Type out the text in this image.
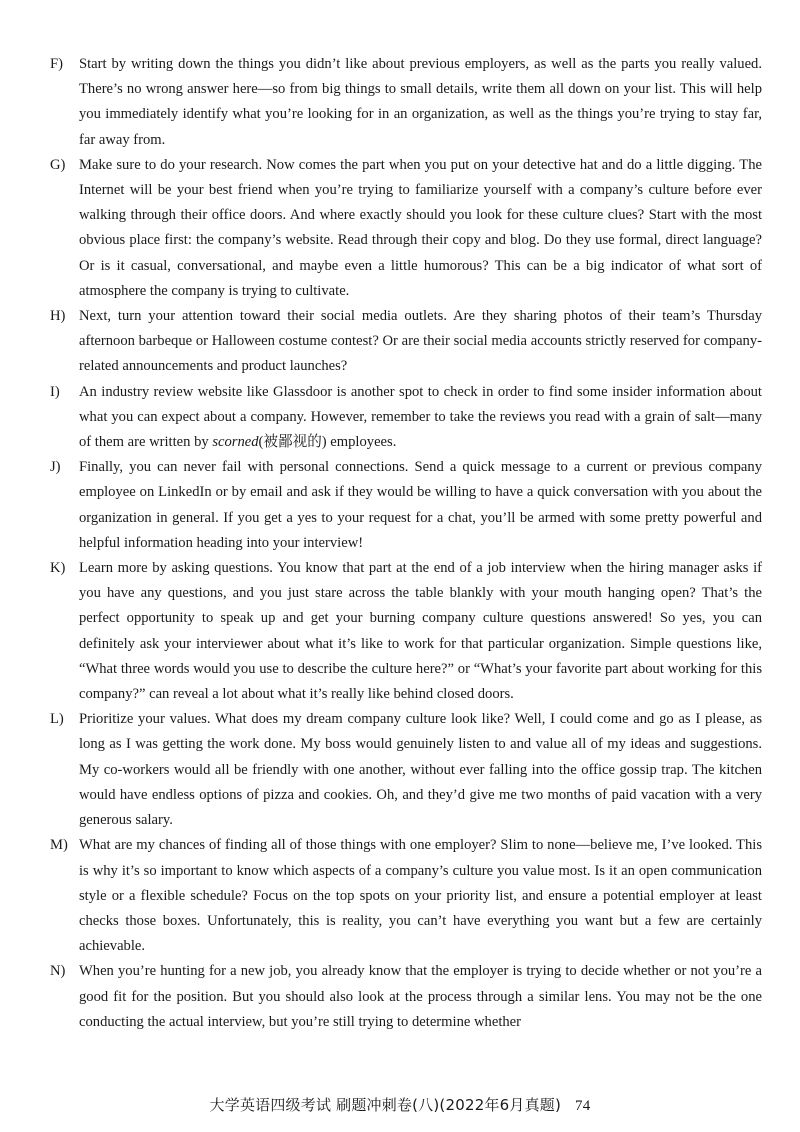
F)	Start by writing down the things you didn’t like about previous employers, as well as the parts you really valued. There’s no wrong answer here—so from big things to small details, write them all down on your list. This will help you immediately identify what you’re looking for in an organization, as well as the things you’re trying to stay far, far away from.
G) Make sure to do your research. Now comes the part when you put on your detective hat and do a little digging. The Internet will be your best friend when you’re trying to familiarize yourself with a company’s culture before ever walking through their office doors. And where exactly should you look for these culture clues? Start with the most obvious place first: the company’s website. Read through their copy and blog. Do they use formal, direct language? Or is it casual, conversational, and maybe even a little humorous? This can be a big indicator of what sort of atmosphere the company is trying to cultivate.
H) Next, turn your attention toward their social media outlets. Are they sharing photos of their team’s Thursday afternoon barbeque or Halloween costume contest? Or are their social media accounts strictly reserved for company-related announcements and product launches?
I)	An industry review website like Glassdoor is another spot to check in order to find some insider information about what you can expect about a company. However, remember to take the reviews you read with a grain of salt—many of them are written by scorned(被鄙视的) employees.
J)	Finally, you can never fail with personal connections. Send a quick message to a current or previous company employee on LinkedIn or by email and ask if they would be willing to have a quick conversation with you about the organization in general. If you get a yes to your request for a chat, you’ll be armed with some pretty powerful and helpful information heading into your interview!
K) Learn more by asking questions. You know that part at the end of a job interview when the hiring manager asks if you have any questions, and you just stare across the table blankly with your mouth hanging open? That’s the perfect opportunity to speak up and get your burning company culture questions answered! So yes, you can definitely ask your interviewer about what it’s like to work for that particular organization. Simple questions like, “What three words would you use to describe the culture here?” or “What’s your favorite part about working for this company?” can reveal a lot about what it’s really like behind closed doors.
L)	Prioritize your values. What does my dream company culture look like? Well, I could come and go as I please, as long as I was getting the work done. My boss would genuinely listen to and value all of my ideas and suggestions. My co-workers would all be friendly with one another, without ever falling into the office gossip trap. The kitchen would have endless options of pizza and cookies. Oh, and they’d give me two months of paid vacation with a very generous salary.
M) What are my chances of finding all of those things with one employer? Slim to none—believe me, I’ve looked. This is why it’s so important to know which aspects of a company’s culture you value most. Is it an open communication style or a flexible schedule? Focus on the top spots on your priority list, and ensure a potential employer at least checks those boxes. Unfortunately, this is reality, you can’t have everything you want but a few are certainly achievable.
N) When you’re hunting for a new job, you already know that the employer is trying to decide whether or not you’re a good fit for the position. But you should also look at the process through a similar lens. You may not be the one conducting the actual interview, but you’re still trying to determine whether
大学英语四级考试 刷题冲刺卷(八)(2022年6月真题) 74
